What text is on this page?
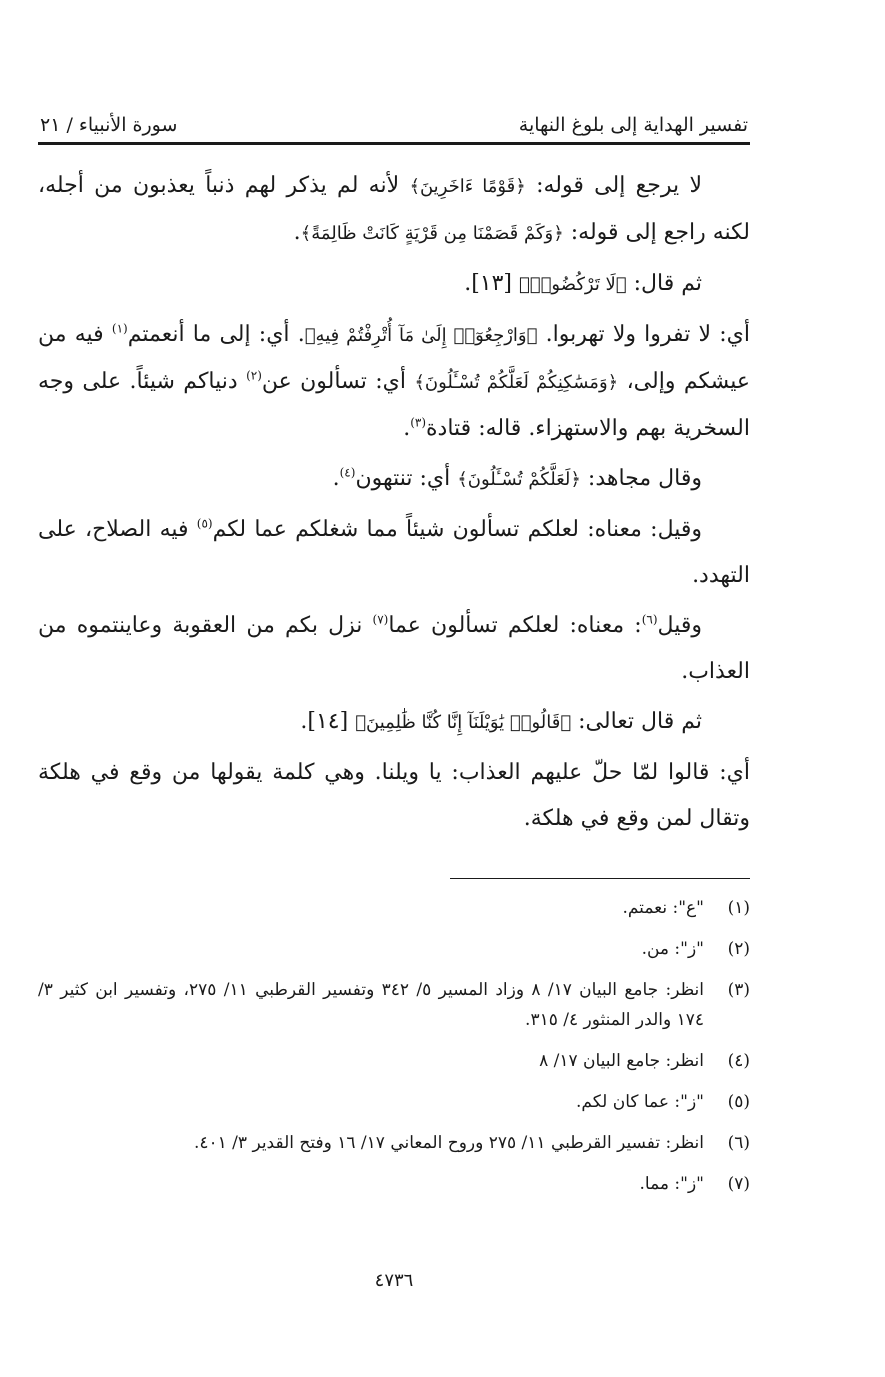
تفسير الهداية إلى بلوغ النهاية
سورة الأنبياء / ٢١

لا يرجع إلى قوله: ﴿قَوْمًا ءَاخَرِينَ﴾ لأنه لم يذكر لهم ذنباً يعذبون من أجله، لكنه راجع إلى قوله: ﴿وَكَمْ قَصَمْنَا مِن قَرْيَةٍ كَانَتْ ظَالِمَةً﴾.

ثم قال: ﴿لَا تَرْكُضُوا۟﴾ [١٣].

أي: لا تفروا ولا تهربوا. ﴿وَارْجِعُوٓا۟ إِلَىٰ مَآ أُتْرِفْتُمْ فِيهِ﴾. أي: إلى ما أنعمتم$^{(١)}$ فيه من عيشكم وإلى، ﴿وَمَسَٰكِنِكُمْ لَعَلَّكُمْ تُسْـَٔلُونَ﴾ أي: تسألون عن$^{(٢)}$ دنياكم شيئاً. على وجه السخرية بهم والاستهزاء. قاله: قتادة$^{(٣)}$.

وقال مجاهد: ﴿لَعَلَّكُمْ تُسْـَٔلُونَ﴾ أي: تنتهون$^{(٤)}$.

وقيل: معناه: لعلكم تسألون شيئاً مما شغلكم عما لكم$^{(٥)}$ فيه الصلاح، على التهدد.

وقيل$^{(٦)}$: معناه: لعلكم تسألون عما$^{(٧)}$ نزل بكم من العقوبة وعاينتموه من العذاب.

ثم قال تعالى: ﴿قَالُوا۟ يَٰوَيْلَنَآ إِنَّا كُنَّا ظَٰلِمِينَ﴾ [١٤].

أي: قالوا لمّا حلّ عليهم العذاب: يا ويلنا. وهي كلمة يقولها من وقع في هلكة وتقال لمن وقع في هلكة.

(١)
"ع": نعمتم.
(٢)
"ز": من.
(٣)
انظر: جامع البيان ١٧/ ٨ وزاد المسير ٥/ ٣٤٢ وتفسير القرطبي ١١/ ٢٧٥، وتفسير ابن كثير ٣/ ١٧٤ والدر المنثور ٤/ ٣١٥.
(٤)
انظر: جامع البيان ١٧/ ٨
(٥)
"ز": عما كان لكم.
(٦)
انظر: تفسير القرطبي ١١/ ٢٧٥ وروح المعاني ١٧/ ١٦ وفتح القدير ٣/ ٤٠١.
(٧)
"ز": مما.
٤٧٣٦
